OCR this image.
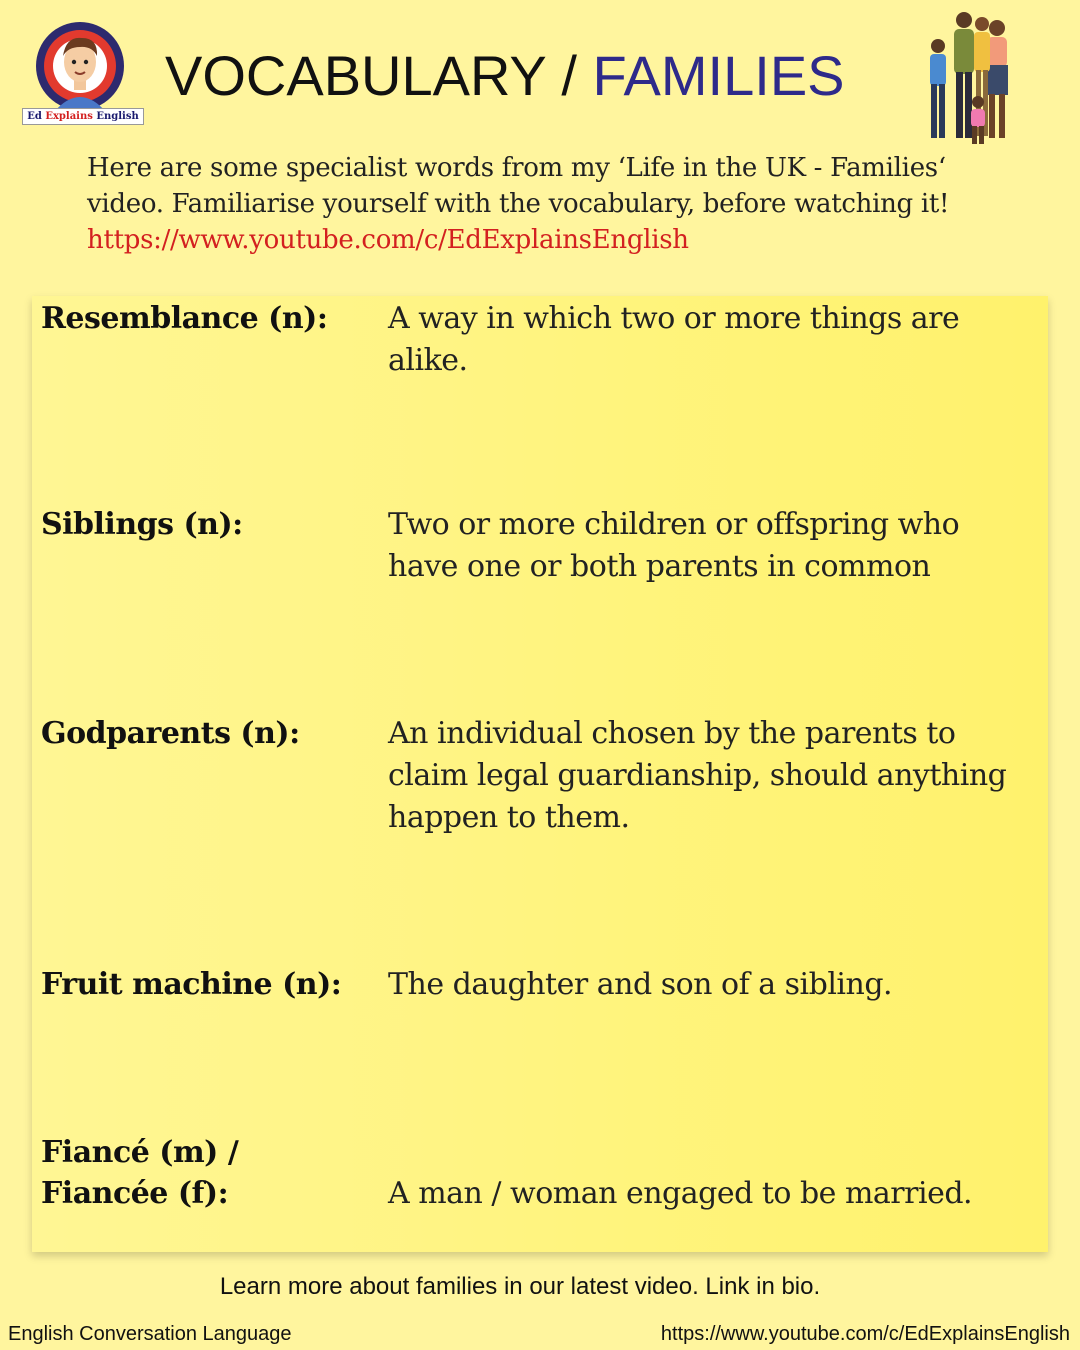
Ed Explains English
VOCABULARY / FAMILIES
Here are some specialist words from my ‘Life in the UK - Families‘
video. Familiarise yourself with the vocabulary, before watching it!
https://www.youtube.com/c/EdExplainsEnglish
Resemblance (n):	A way in which two or more things are
alike.
Siblings (n):	Two or more children or offspring who
have one or both parents in common
Godparents (n):	An individual chosen by the parents to
claim legal guardianship, should anything
happen to them.
Fruit machine (n):	The daughter and son of a sibling.
Fiancé (m) /
Fiancée (f):	A man / woman engaged to be married.
Learn more about families in our latest video. Link in bio.
English Conversation Language	https://www.youtube.com/c/EdExplainsEnglish
